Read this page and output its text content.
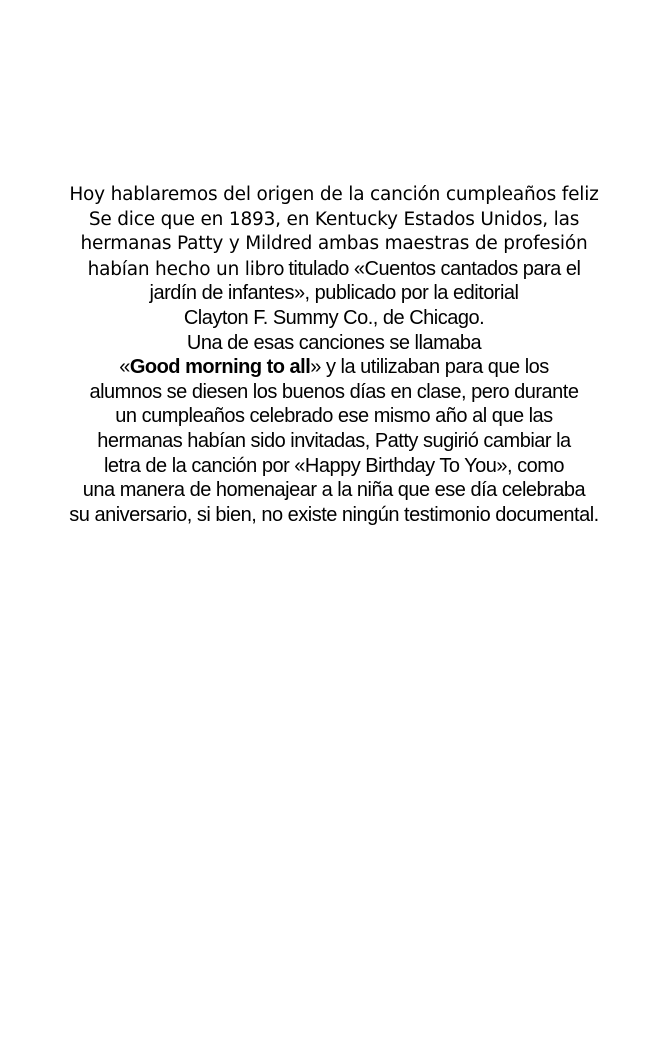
Hoy hablaremos del origen de la canción cumpleaños feliz
Se dice que en 1893, en Kentucky Estados Unidos, las
hermanas Patty y Mildred ambas maestras de profesión
habían hecho un libro titulado «Cuentos cantados para el
jardín de infantes», publicado por la editorial
Clayton F. Summy Co., de Chicago.
Una de esas canciones se llamaba
«Good morning to all» y la utilizaban para que los
alumnos se diesen los buenos días en clase, pero durante
un cumpleaños celebrado ese mismo año al que las
hermanas habían sido invitadas, Patty sugirió cambiar la
letra de la canción por «Happy Birthday To You», como
una manera de homenajear a la niña que ese día celebraba
su aniversario, si bien, no existe ningún testimonio documental.
